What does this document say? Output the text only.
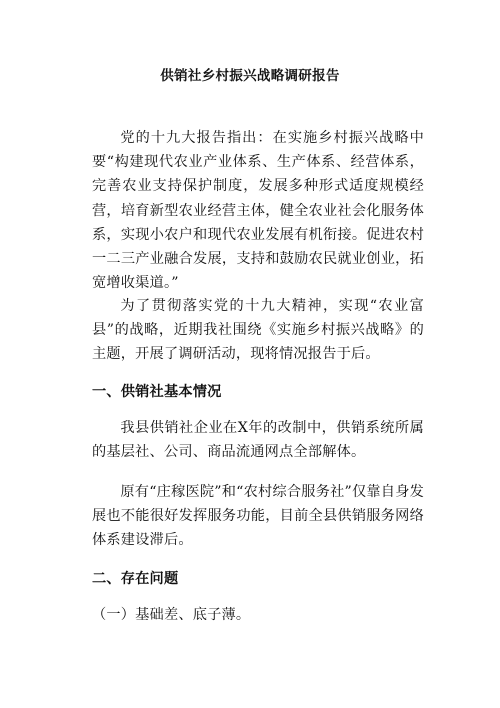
供销社乡村振兴战略调研报告

党的十九大报告指出：在实施乡村振兴战略中要“构建现代农业产业体系、生产体系、经营体系，完善农业支持保护制度，发展多种形式适度规模经营，培育新型农业经营主体，健全农业社会化服务体系，实现小农户和现代农业发展有机衔接。促进农村一二三产业融合发展，支持和鼓励农民就业创业，拓宽增收渠道。”

为了贯彻落实党的十九大精神，实现“农业富县”的战略，近期我社围绕《实施乡村振兴战略》的主题，开展了调研活动，现将情况报告于后。

一、供销社基本情况

我县供销社企业在X年的改制中，供销系统所属的基层社、公司、商品流通网点全部解体。

原有“庄稼医院”和“农村综合服务社”仅靠自身发展也不能很好发挥服务功能，目前全县供销服务网络体系建设滞后。

二、存在问题

（一）基础差、底子薄。
